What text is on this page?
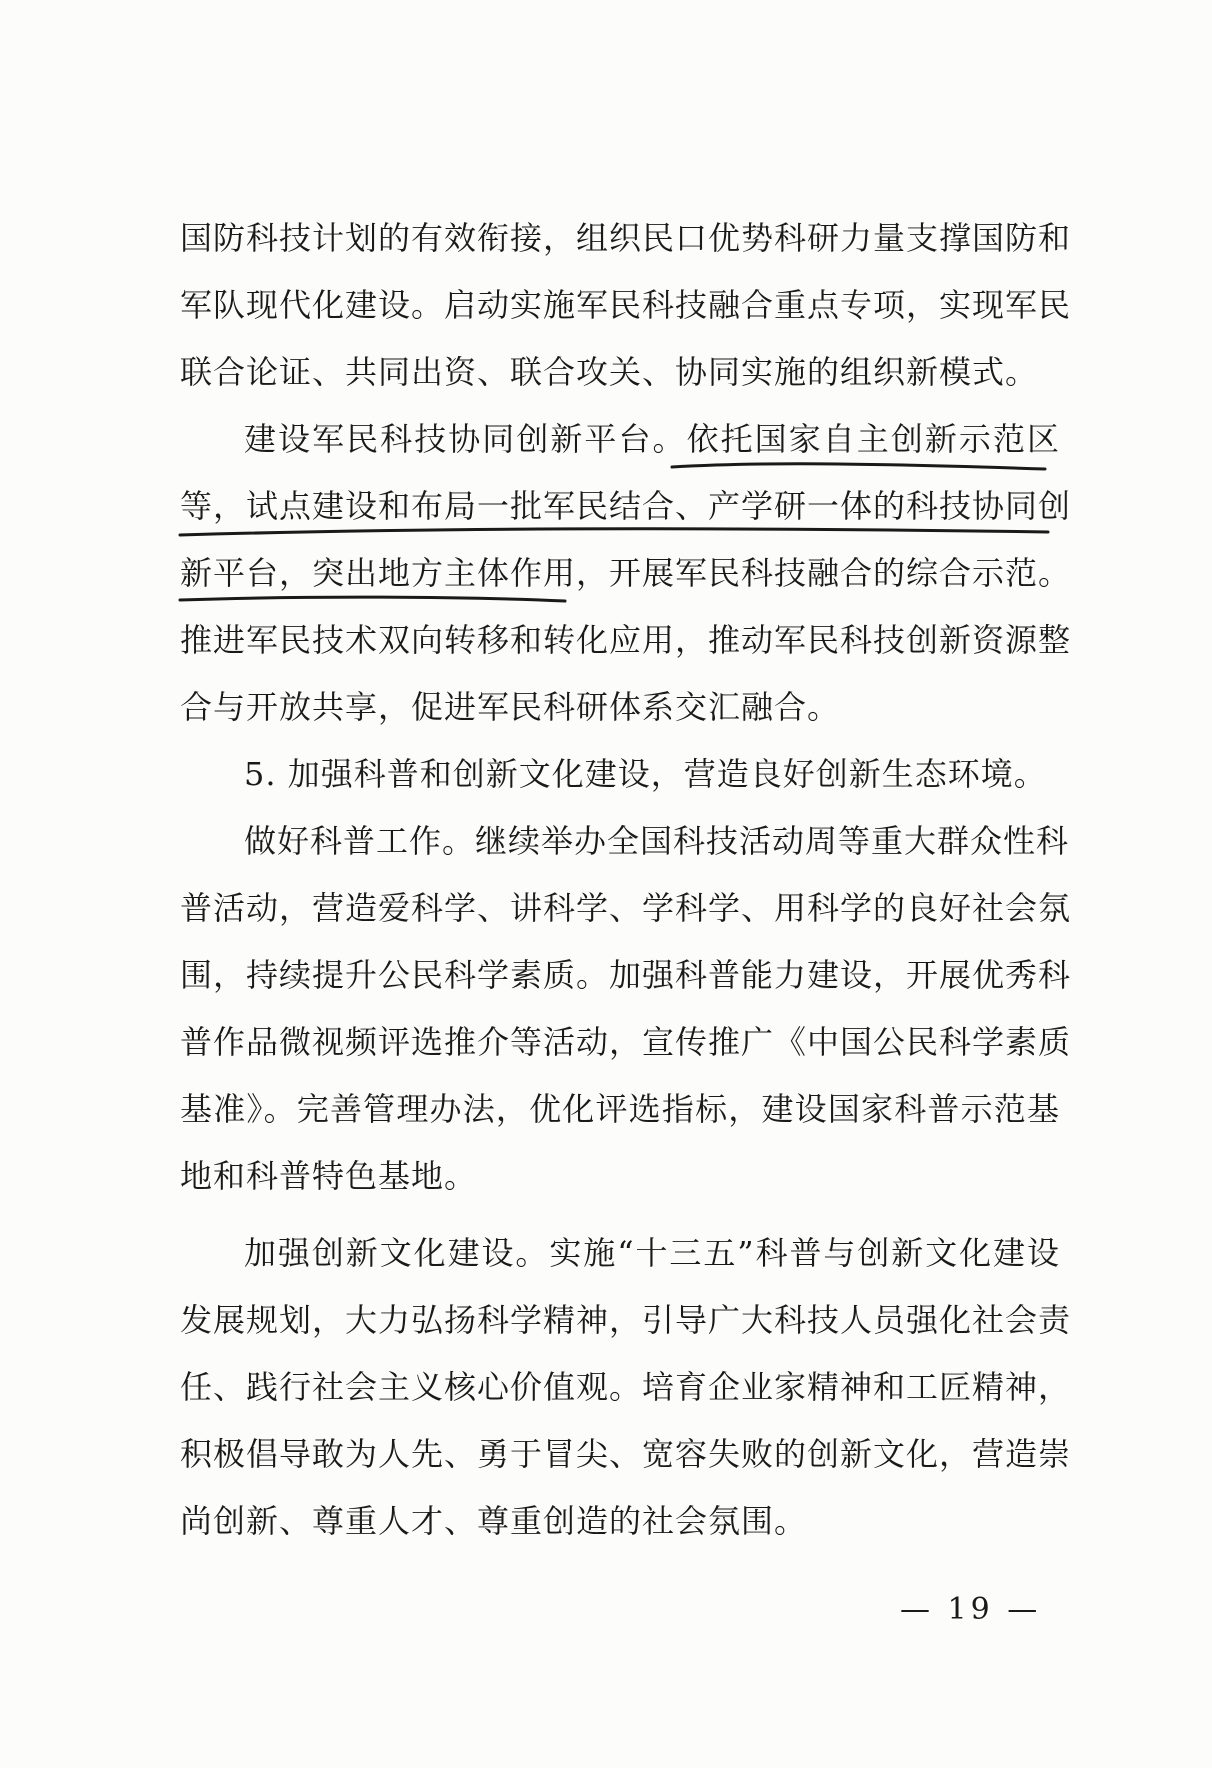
国防科技计划的有效衔接，组织民口优势科研力量支撑国防和
军队现代化建设。启动实施军民科技融合重点专项，实现军民
联合论证、共同出资、联合攻关、协同实施的组织新模式。
建设军民科技协同创新平台。依托国家自主创新示范区
等，试点建设和布局一批军民结合、产学研一体的科技协同创
新平台，突出地方主体作用，开展军民科技融合的综合示范。
推进军民技术双向转移和转化应用，推动军民科技创新资源整
合与开放共享，促进军民科研体系交汇融合。
5. 加强科普和创新文化建设，营造良好创新生态环境。
做好科普工作。继续举办全国科技活动周等重大群众性科
普活动，营造爱科学、讲科学、学科学、用科学的良好社会氛
围，持续提升公民科学素质。加强科普能力建设，开展优秀科
普作品微视频评选推介等活动，宣传推广《中国公民科学素质
基准》。完善管理办法，优化评选指标，建设国家科普示范基
地和科普特色基地。
加强创新文化建设。实施“十三五”科普与创新文化建设
发展规划，大力弘扬科学精神，引导广大科技人员强化社会责
任、践行社会主义核心价值观。培育企业家精神和工匠精神，
积极倡导敢为人先、勇于冒尖、宽容失败的创新文化，营造崇
尚创新、尊重人才、尊重创造的社会氛围。
— 19 —
